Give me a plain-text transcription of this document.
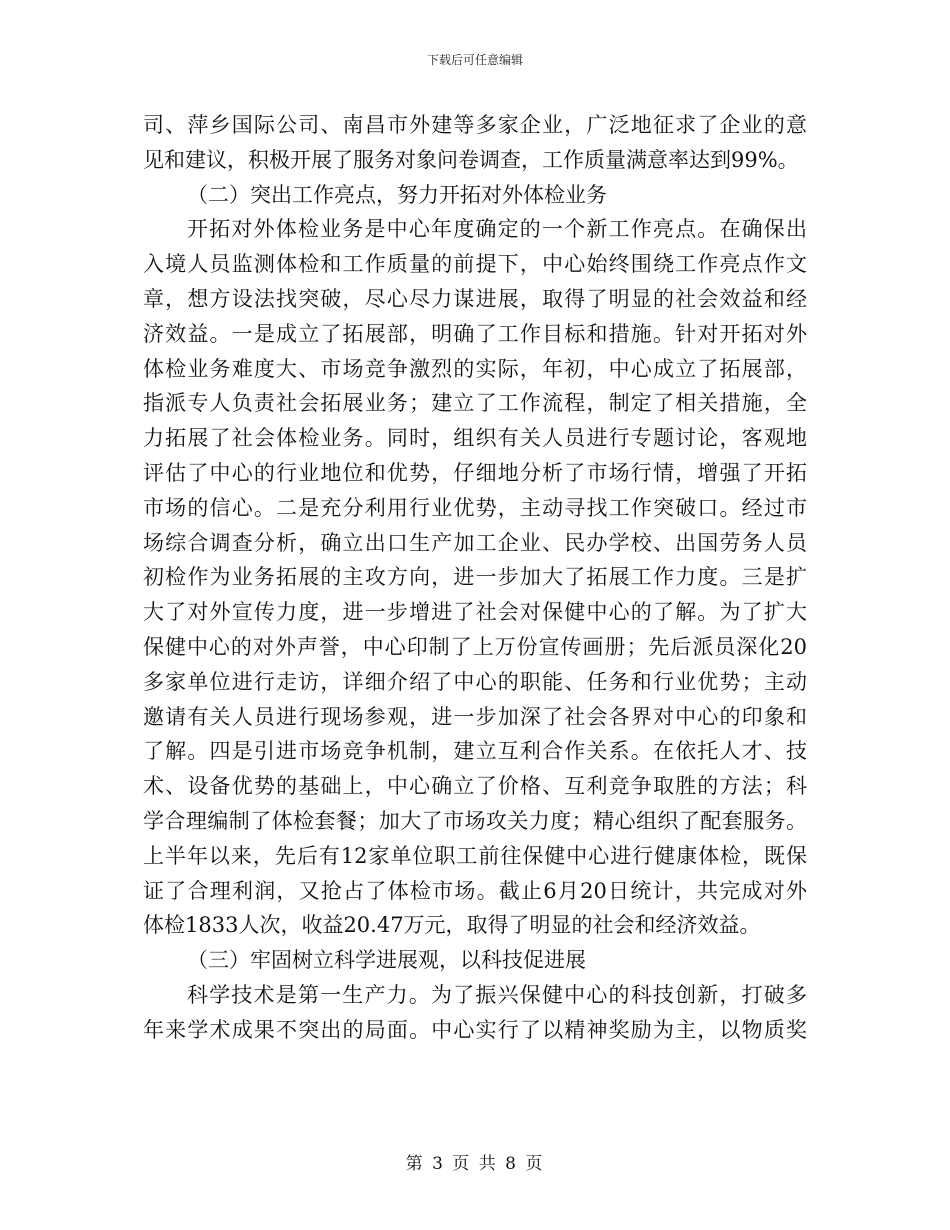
下载后可任意编辑
司、萍乡国际公司、南昌市外建等多家企业，广泛地征求了企业的意
见和建议，积极开展了服务对象问卷调查，工作质量满意率达到99%。
（二）突出工作亮点，努力开拓对外体检业务
开拓对外体检业务是中心年度确定的一个新工作亮点。在确保出
入境人员监测体检和工作质量的前提下，中心始终围绕工作亮点作文
章，想方设法找突破，尽心尽力谋进展，取得了明显的社会效益和经
济效益。一是成立了拓展部，明确了工作目标和措施。针对开拓对外
体检业务难度大、市场竞争激烈的实际，年初，中心成立了拓展部，
指派专人负责社会拓展业务；建立了工作流程，制定了相关措施，全
力拓展了社会体检业务。同时，组织有关人员进行专题讨论，客观地
评估了中心的行业地位和优势，仔细地分析了市场行情，增强了开拓
市场的信心。二是充分利用行业优势，主动寻找工作突破口。经过市
场综合调查分析，确立出口生产加工企业、民办学校、出国劳务人员
初检作为业务拓展的主攻方向，进一步加大了拓展工作力度。三是扩
大了对外宣传力度，进一步增进了社会对保健中心的了解。为了扩大
保健中心的对外声誉，中心印制了上万份宣传画册；先后派员深化20
多家单位进行走访，详细介绍了中心的职能、任务和行业优势；主动
邀请有关人员进行现场参观，进一步加深了社会各界对中心的印象和
了解。四是引进市场竞争机制，建立互利合作关系。在依托人才、技
术、设备优势的基础上，中心确立了价格、互利竞争取胜的方法；科
学合理编制了体检套餐；加大了市场攻关力度；精心组织了配套服务。
上半年以来，先后有12家单位职工前往保健中心进行健康体检，既保
证了合理利润，又抢占了体检市场。截止6月20日统计，共完成对外
体检1833人次，收益20.47万元，取得了明显的社会和经济效益。
（三）牢固树立科学进展观，以科技促进展
科学技术是第一生产力。为了振兴保健中心的科技创新，打破多
年来学术成果不突出的局面。中心实行了以精神奖励为主，以物质奖
第 3 页 共 8 页
